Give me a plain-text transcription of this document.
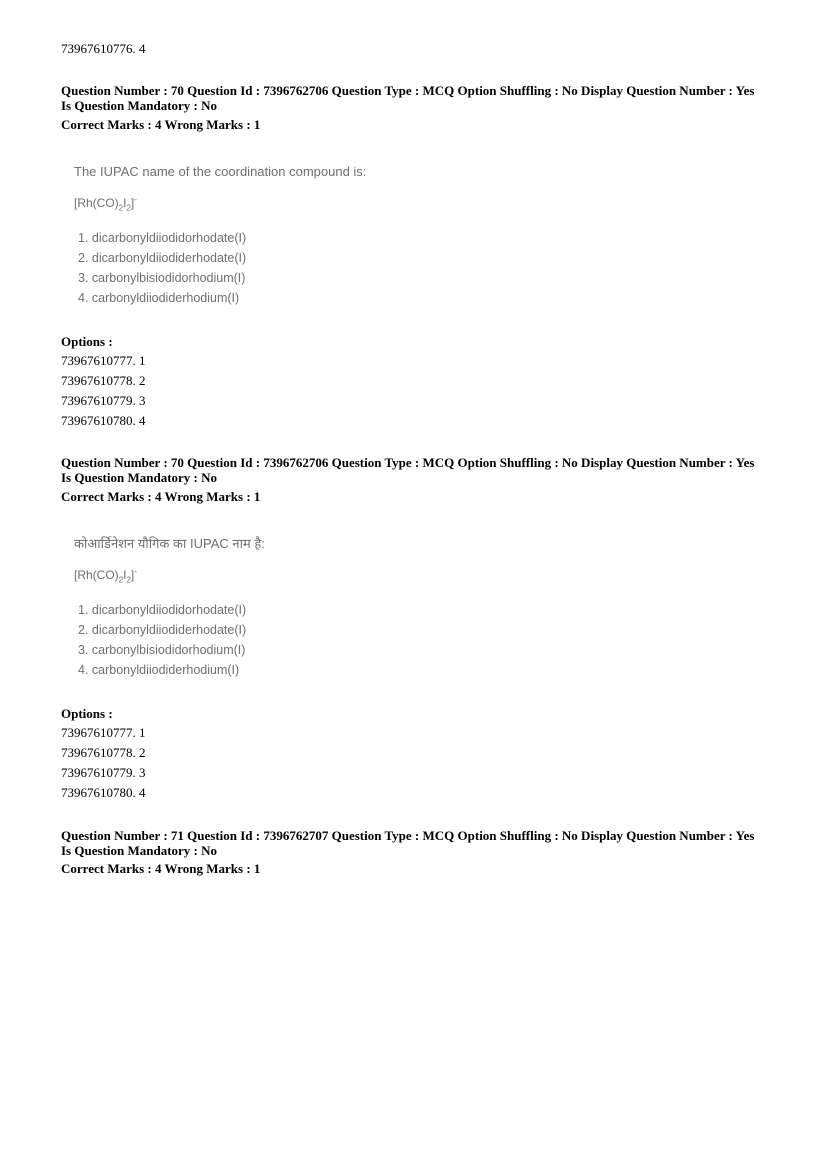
73967610776. 4
Question Number : 70 Question Id : 7396762706 Question Type : MCQ Option Shuffling : No Display Question Number : Yes
Is Question Mandatory : No
Correct Marks : 4 Wrong Marks : 1
The IUPAC name of the coordination compound is:
$[Rh(CO)_2I_2]^-$
1. dicarbonyldiiodidorhodate(I)
2. dicarbonyldiiodiderhodate(I)
3. carbonylbisiodidorhodium(I)
4. carbonyldiiodiderhodium(I)
Options :
73967610777. 1
73967610778. 2
73967610779. 3
73967610780. 4
Question Number : 70 Question Id : 7396762706 Question Type : MCQ Option Shuffling : No Display Question Number : Yes
Is Question Mandatory : No
Correct Marks : 4 Wrong Marks : 1
कोआर्डिनेशन यौगिक का IUPAC नाम है:
$[Rh(CO)_2I_2]^-$
1. dicarbonyldiiodidorhodate(I)
2. dicarbonyldiiodiderhodate(I)
3. carbonylbisiodidorhodium(I)
4. carbonyldiiodiderhodium(I)
Options :
73967610777. 1
73967610778. 2
73967610779. 3
73967610780. 4
Question Number : 71 Question Id : 7396762707 Question Type : MCQ Option Shuffling : No Display Question Number : Yes
Is Question Mandatory : No
Correct Marks : 4 Wrong Marks : 1
